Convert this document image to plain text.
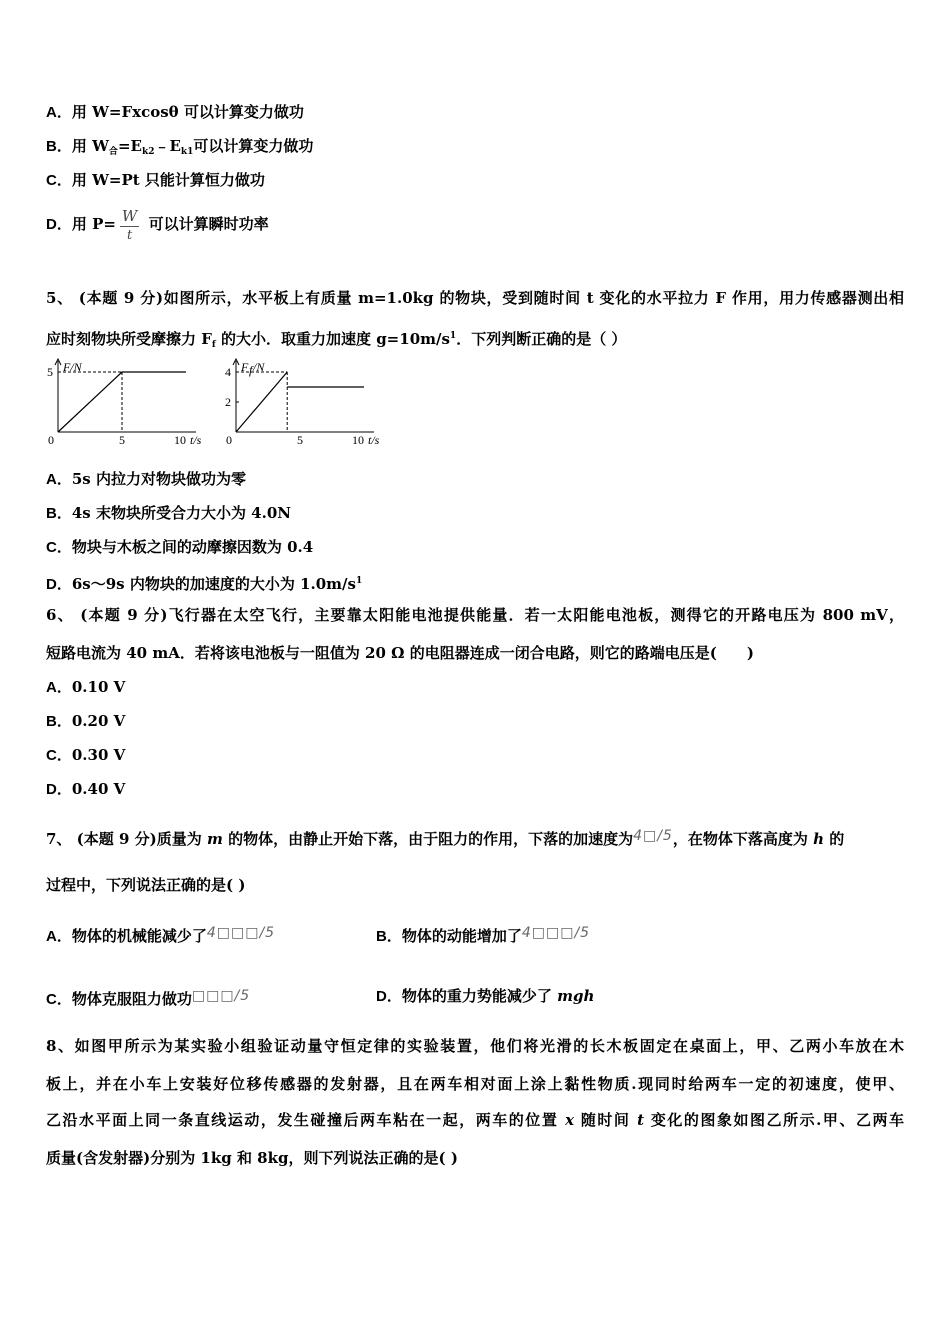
A．用 W=Fxcosθ 可以计算变力做功
B．用 $W_合=E_{k2}﹣E_{k1}$可以计算变力做功
C．用 W=Pt 只能计算恒力做功
D．用 $P= \frac{W}{t}$ 可以计算瞬时功率
5、 (本题 9 分)如图所示，水平板上有质量 m=1.0kg 的物块，受到随时间 t 变化的水平拉力 F 作用，用力传感器测出相
应时刻物块所受摩擦力 $F_f$ 的大小．取重力加速度 $g=10m/s^1$．下列判断正确的是（ ）
F/N
t/s
0	5	10
5	F f /N
t/s
0	5	10
4
2
A．5s 内拉力对物块做功为零
B．4s 末物块所受合力大小为 4.0N
C．物块与木板之间的动摩擦因数为 0.4
D．6s～9s 内物块的加速度的大小为 $1.0m/s^1$
6、 (本题 9 分)飞行器在太空飞行，主要靠太阳能电池提供能量．若一太阳能电池板，测得它的开路电压为 800 mV，
短路电流为 40 mA．若将该电池板与一阻值为 20 Ω 的电阻器连成一闭合电路，则它的路端电压是(　　)
A．0.10 V
B．0.20 V
C．0.30 V
D．0.40 V
7、 (本题 9 分)质量为 m 的物体，由静止开始下落，由于阻力的作用，下落的加速度为4□/5，在物体下落高度为 h 的
过程中，下列说法正确的是( )
A．物体的机械能减少了4□□□/5	B．物体的动能增加了4□□□/5
C．物体克服阻力做功□□□/5	D．物体的重力势能减少了 mgh
8、如图甲所示为某实验小组验证动量守恒定律的实验装置，他们将光滑的长木板固定在桌面上，甲、乙两小车放在木
板上，并在小车上安装好位移传感器的发射器，且在两车相对面上涂上黏性物质.现同时给两车一定的初速度，使甲、
乙沿水平面上同一条直线运动，发生碰撞后两车粘在一起，两车的位置 x 随时间 t 变化的图象如图乙所示.甲、乙两车
质量(含发射器)分别为 1kg 和 8kg，则下列说法正确的是( )
